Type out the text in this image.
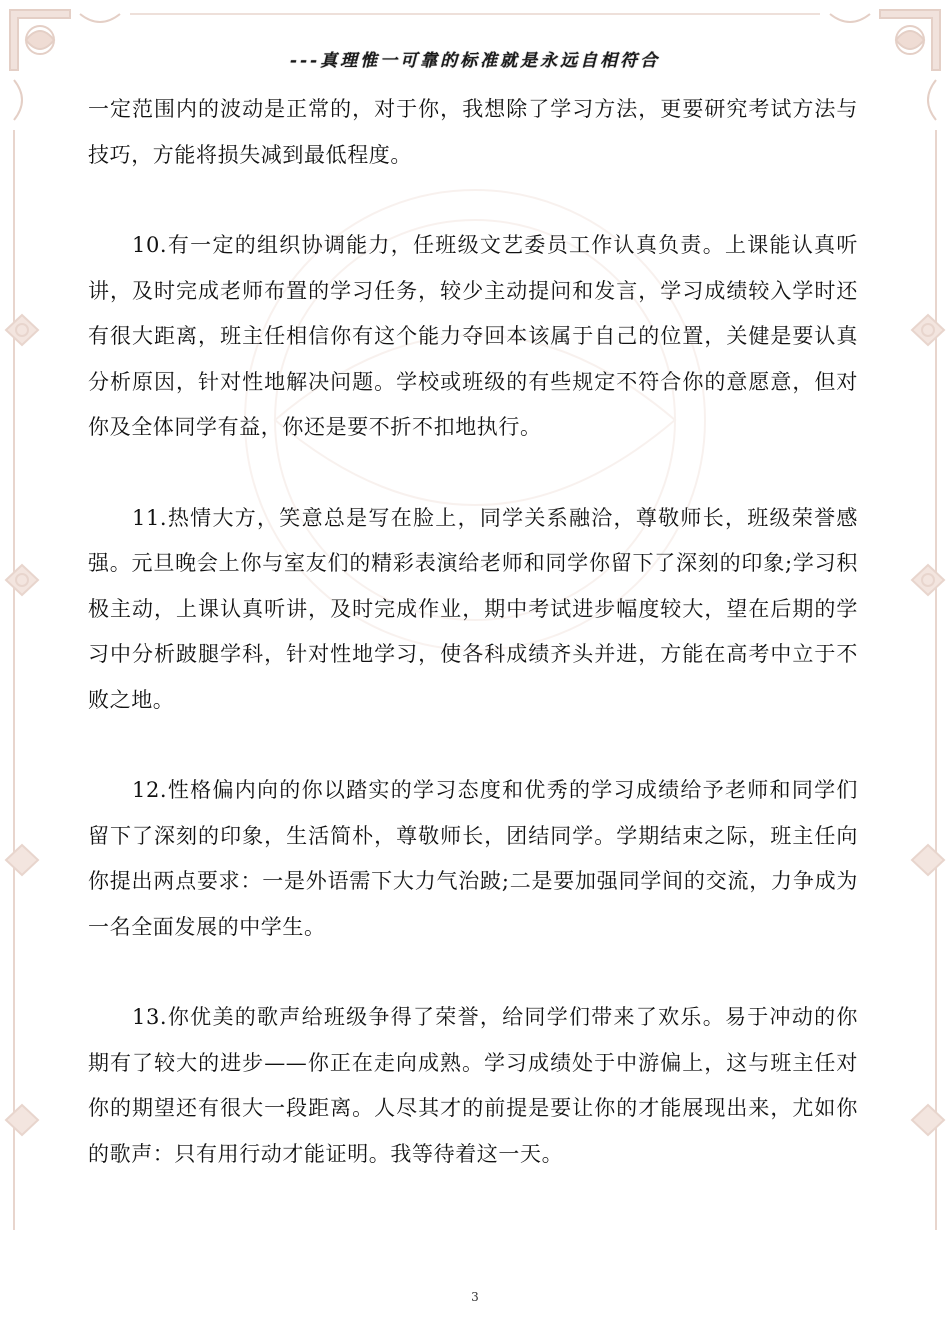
---真理惟一可靠的标准就是永远自相符合

一定范围内的波动是正常的，对于你，我想除了学习方法，更要研究考试方法与技巧，方能将损失减到最低程度。

10.有一定的组织协调能力，任班级文艺委员工作认真负责。上课能认真听讲，及时完成老师布置的学习任务，较少主动提问和发言，学习成绩较入学时还有很大距离，班主任相信你有这个能力夺回本该属于自己的位置，关健是要认真分析原因，针对性地解决问题。学校或班级的有些规定不符合你的意愿意，但对你及全体同学有益，你还是要不折不扣地执行。

11.热情大方，笑意总是写在脸上，同学关系融洽，尊敬师长，班级荣誉感强。元旦晚会上你与室友们的精彩表演给老师和同学你留下了深刻的印象;学习积极主动，上课认真听讲，及时完成作业，期中考试进步幅度较大，望在后期的学习中分析跛腿学科，针对性地学习，使各科成绩齐头并进，方能在高考中立于不败之地。

12.性格偏内向的你以踏实的学习态度和优秀的学习成绩给予老师和同学们留下了深刻的印象，生活简朴，尊敬师长，团结同学。学期结束之际，班主任向你提出两点要求：一是外语需下大力气治跛;二是要加强同学间的交流，力争成为一名全面发展的中学生。

13.你优美的歌声给班级争得了荣誉，给同学们带来了欢乐。易于冲动的你期有了较大的进步——你正在走向成熟。学习成绩处于中游偏上，这与班主任对你的期望还有很大一段距离。人尽其才的前提是要让你的才能展现出来，尤如你的歌声：只有用行动才能证明。我等待着这一天。

3
